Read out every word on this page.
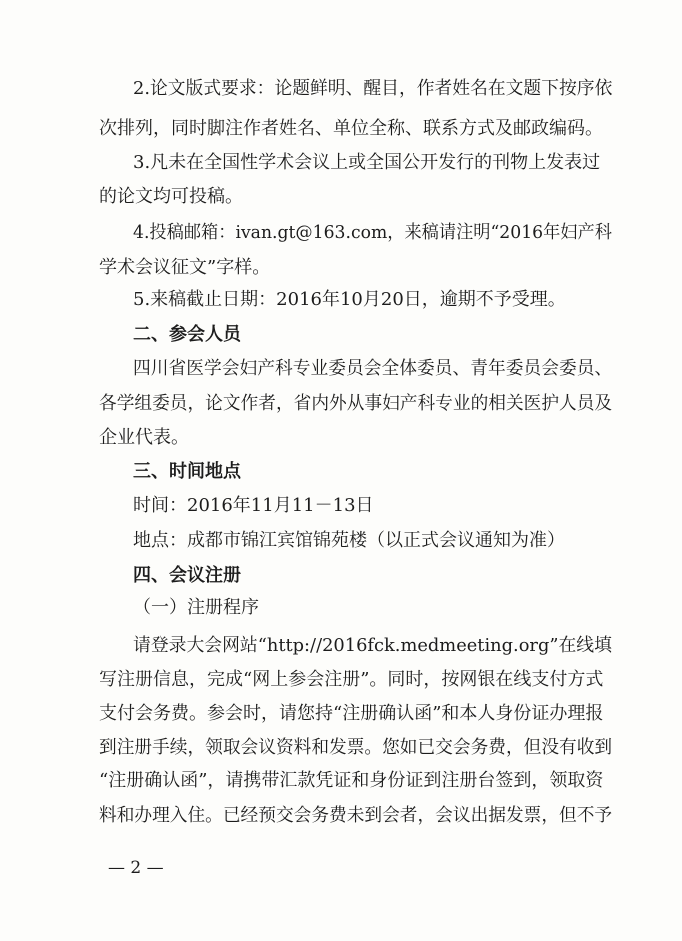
2.论文版式要求：论题鲜明、醒目，作者姓名在文题下按序依
次排列，同时脚注作者姓名、单位全称、联系方式及邮政编码。
3.凡未在全国性学术会议上或全国公开发行的刊物上发表过
的论文均可投稿。
4.投稿邮箱：ivan.gt@163.com，来稿请注明“2016年妇产科
学术会议征文”字样。
5.来稿截止日期：2016年10月20日，逾期不予受理。
二、参会人员
四川省医学会妇产科专业委员会全体委员、青年委员会委员、
各学组委员，论文作者，省内外从事妇产科专业的相关医护人员及
企业代表。
三、时间地点
时间：2016年11月11－13日
地点：成都市锦江宾馆锦苑楼（以正式会议通知为准）
四、会议注册
（一）注册程序
请登录大会网站“http://2016fck.medmeeting.org”在线填
写注册信息，完成“网上参会注册”。同时，按网银在线支付方式
支付会务费。参会时，请您持“注册确认函”和本人身份证办理报
到注册手续，领取会议资料和发票。您如已交会务费，但没有收到
“注册确认函”，请携带汇款凭证和身份证到注册台签到，领取资
料和办理入住。已经预交会务费未到会者，会议出据发票，但不予
— 2 —
